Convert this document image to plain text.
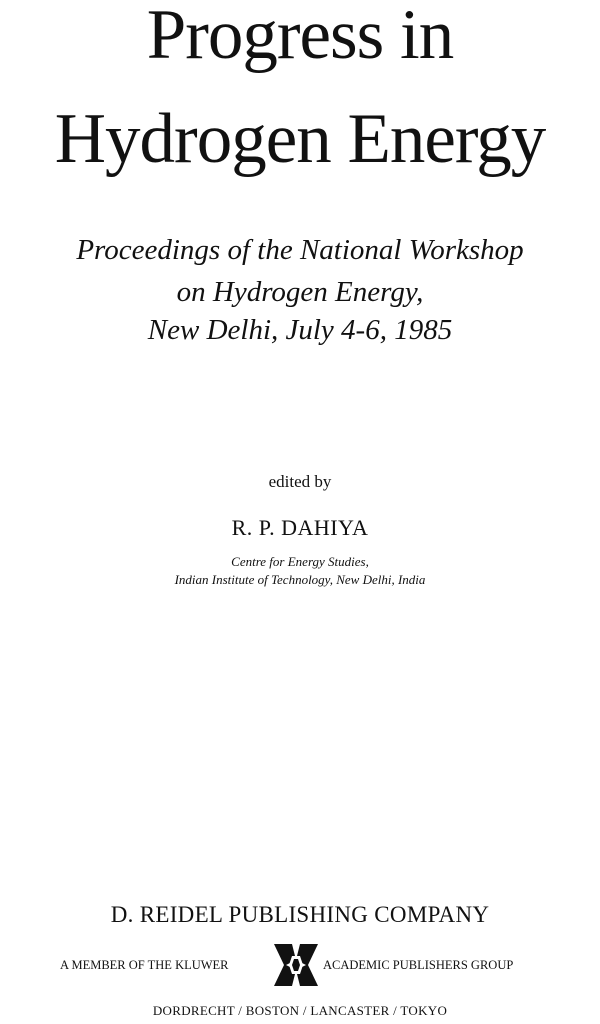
Progress in
Hydrogen Energy
Proceedings of the National Workshop
on Hydrogen Energy,
New Delhi, July 4-6, 1985
edited by
R. P. DAHIYA
Centre for Energy Studies,
Indian Institute of Technology, New Delhi, India
D. REIDEL PUBLISHING COMPANY
A MEMBER OF THE KLUWER	ACADEMIC PUBLISHERS GROUP
DORDRECHT / BOSTON / LANCASTER / TOKYO
